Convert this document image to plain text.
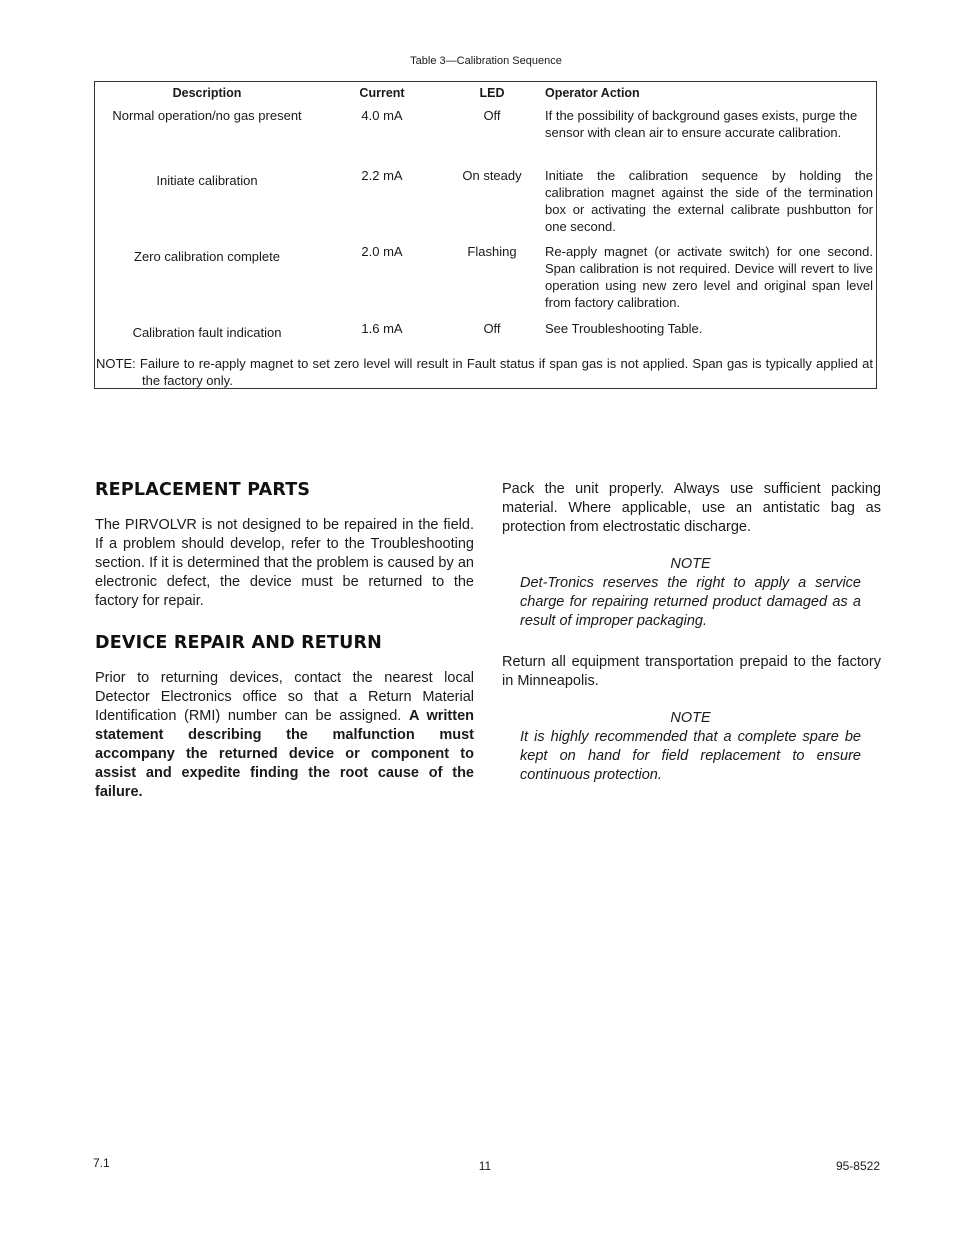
Table 3—Calibration Sequence
Description	Current	LED	Operator Action
Normal operation/no gas present	4.0 mA	Off	If the possibility of background gases exists, purge the sensor with clean air to ensure accurate calibration.
Initiate calibration	2.2 mA	On steady	Initiate the calibration sequence by holding the calibration magnet against the side of the termination box or activating the external calibrate pushbutton for one second.
Zero calibration complete	2.0 mA	Flashing	Re-apply magnet (or activate switch) for one second. Span calibration is not required. Device will revert to live operation using new zero level and original span level from factory calibration.
Calibration fault indication	1.6 mA	Off	See Troubleshooting Table.
NOTE: Failure to re-apply magnet to set zero level will result in Fault status if span gas is not applied. Span gas is typically applied at the factory only.
REPLACEMENT PARTS

The PIRVOLVR is not designed to be repaired in the field. If a problem should develop, refer to the Troubleshooting section. If it is determined that the problem is caused by an electronic defect, the device must be returned to the factory for repair.

DEVICE REPAIR AND RETURN

Prior to returning devices, contact the nearest local Detector Electronics office so that a Return Material Identification (RMI) number can be assigned. A written statement describing the malfunction must accompany the returned device or component to assist and expedite finding the root cause of the failure.

Pack the unit properly. Always use sufficient packing material. Where applicable, use an antistatic bag as protection from electrostatic discharge.

NOTE

Det-Tronics reserves the right to apply a service charge for repairing returned product damaged as a result of improper packaging.

Return all equipment transportation prepaid to the factory in Minneapolis.

NOTE

It is highly recommended that a complete spare be kept on hand for field replacement to ensure continuous protection.

7.1	11	95-8522
